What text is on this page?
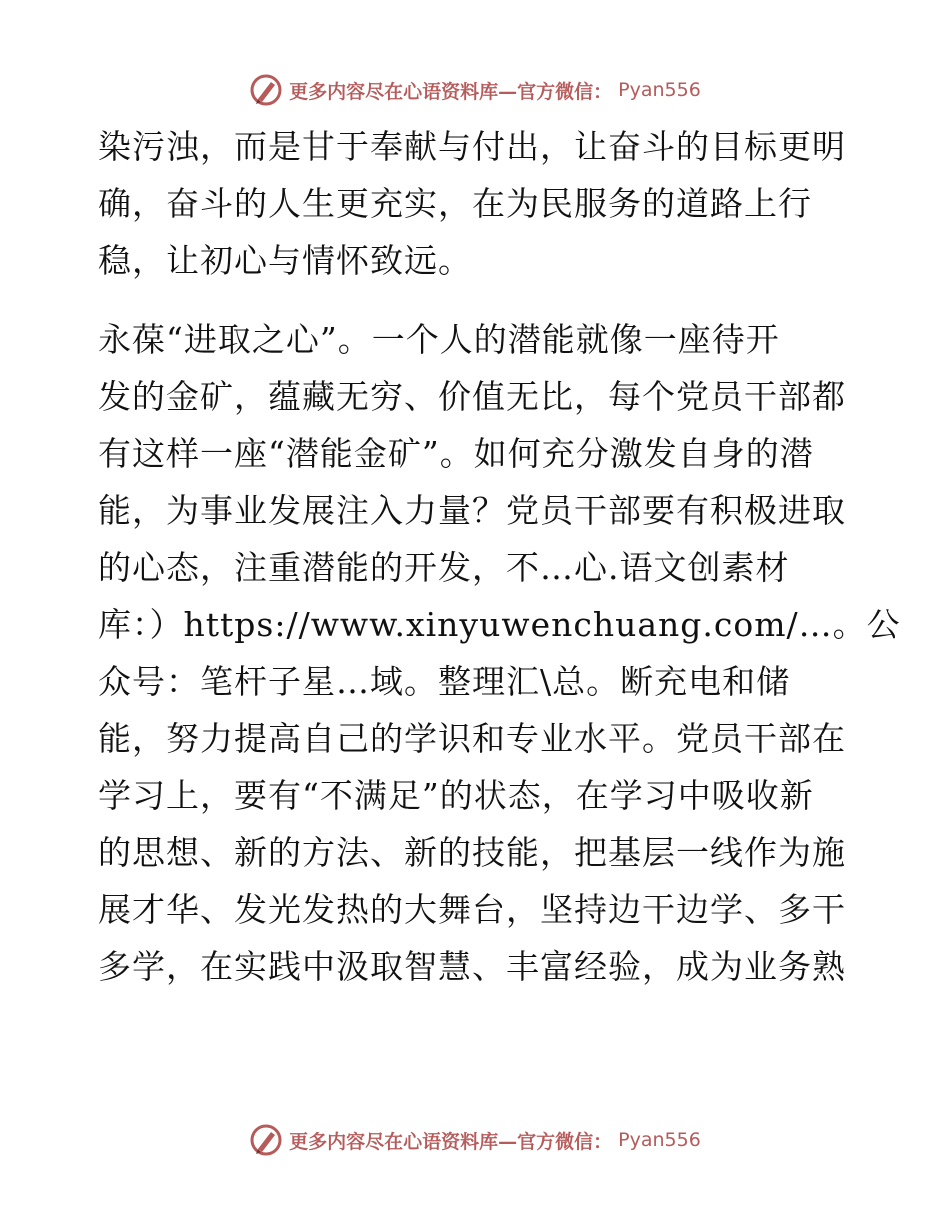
更多内容尽在心语资料库—官方微信： Pyan556
染污浊，而是甘于奉献与付出，让奋斗的目标更明
确，奋斗的人生更充实，在为民服务的道路上行
稳，让初心与情怀致远。
永葆“进取之心”。一个人的潜能就像一座待开
发的金矿，蕴藏无穷、价值无比，每个党员干部都
有这样一座“潜能金矿”。如何充分激发自身的潜
能，为事业发展注入力量？党员干部要有积极进取
的心态，注重潜能的开发，不…心.语文创素材
库：）https://www.xinyuwenchuang.com/…。公
众号：笔杆子星…域。整理汇\总。断充电和储
能，努力提高自己的学识和专业水平。党员干部在
学习上，要有“不满足”的状态，在学习中吸收新
的思想、新的方法、新的技能，把基层一线作为施
展才华、发光发热的大舞台，坚持边干边学、多干
多学，在实践中汲取智慧、丰富经验，成为业务熟
更多内容尽在心语资料库—官方微信： Pyan556
